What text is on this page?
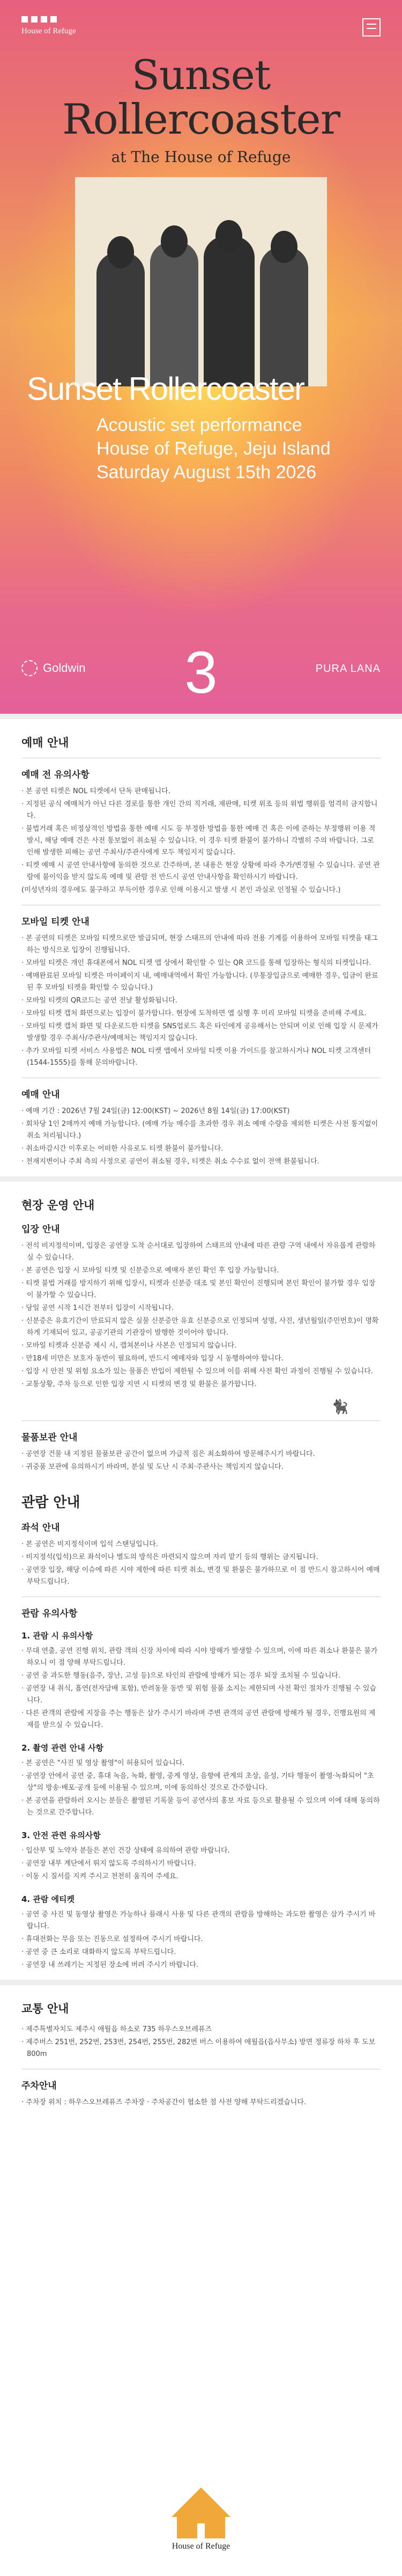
House of Refuge
Sunset
Rollercoaster
at The House of Refuge
Sunset Rollercoaster
Acoustic set performance
House of Refuge, Jeju Island
Saturday August 15th 2026
Goldwin	3	PURA LANA
예매 안내
예매 전 유의사항
· 본 공연 티켓은 NOL 티켓에서 단독 판매됩니다.
· 지정된 공식 예매처가 아닌 다른 경로를 통한 개인 간의 직거래, 재판매, 티켓 위조 등의 위법 행위를 엄격히 금지합니다.
· 불법거래 혹은 비정상적인 방법을 통한 예매 시도 등 부정한 방법을 통한 예매 건 혹은 이에 준하는 부정행위 이용 적발시, 해당 예매 건은 사전 통보없이 취소될 수 있습니다. 이 경우 티켓 환불이 불가하니 각별히 주의 바랍니다. 그로 인해 발생한 피해는 공연 주최사/주관사에게 모두 책임지지 않습니다.
· 티켓 예매 시 공연 안내사항에 동의한 것으로 간주하며, 본 내용은 현장 상황에 따라 추가/변경될 수 있습니다. 공연 관람에 불이익을 받지 않도록 예매 및 관람 전 반드시 공연 안내사항을 확인하시기 바랍니다.
(미성년자의 경우에도 불구하고 부득이한 경우로 인해 이용시고 발생 시 본인 과실로 인정될 수 있습니다.)
모바일 티켓 안내
· 본 공연의 티켓은 모바일 티켓으로만 발급되며, 현장 스태프의 안내에 따라 전용 기계를 이용하여 모바일 티켓을 태그하는 방식으로 입장이 진행됩니다.
· 모바일 티켓은 개인 휴대폰에서 NOL 티켓 앱 상에서 확인할 수 있는 QR 코드를 통해 입장하는 형식의 티켓입니다.
· 예매완료된 모바일 티켓은 마이페이지 내, 예매내역에서 확인 가능합니다. (무통장입금으로 예매한 경우, 입금이 완료된 후 모바일 티켓을 확인할 수 있습니다.)
· 모바일 티켓의 QR코드는 공연 전날 활성화됩니다.
· 모바일 티켓 캡처 화면으로는 입장이 불가합니다. 현장에 도착하면 앱 실행 후 미리 모바일 티켓을 준비해 주세요.
· 모바일 티켓 캡처 화면 및 다운로드한 티켓을 SNS업로드 혹은 타인에게 공유해서는 안되며 이로 인해 입장 시 문제가 발생할 경우 주최사/주관사/예매처는 책임지지 않습니다.
· 추가 모바일 티켓 서비스 사용법은 NOL 티켓 앱에서 모바일 티켓 이용 가이드를 참고하시거나 NOL 티켓 고객센터(1544-1555)를 통해 문의바랍니다.
예매 안내
· 예매 기간 : 2026년 7월 24일(금) 12:00(KST) ~ 2026년 8월 14일(금) 17:00(KST)
· 회차당 1인 2매까지 예매 가능합니다. (예매 가능 매수를 초과한 경우 취소 예매 수량을 제외한 티켓은 사전 통지없이 취소 처리됩니다.)
· 취소마감시간 이후로는 어떠한 사유로도 티켓 환불이 불가합니다.
· 천재지변이나 주최 측의 사정으로 공연이 취소될 경우, 티켓은 취소 수수료 없이 전액 환불됩니다.
현장 운영 안내
입장 안내
· 전석 비지정석이며, 입장은 공연장 도착 순서대로 입장하여 스태프의 안내에 따른 관람 구역 내에서 자유롭게 관람하실 수 있습니다.
· 본 공연은 입장 시 모바일 티켓 및 신분증으로 예매자 본인 확인 후 입장 가능합니다.
· 티켓 불법 거래를 방지하기 위해 입장시, 티켓과 신분증 대조 및 본인 확인이 진행되며 본인 확인이 불가할 경우 입장이 불가할 수 있습니다.
· 당일 공연 시작 1시간 전부터 입장이 시작됩니다.
· 신분증은 유효기간이 만료되지 않은 실물 신분증만 유효 신분증으로 인정되며 성명, 사진, 생년월일(주민번호)이 명확하게 기재되어 있고, 공공기관의 기관장이 발행한 것이어야 합니다.
· 모바일 티켓과 신분증 제시 시, 캡쳐본이나 사본은 인정되지 않습니다.
· 만18세 미만은 보호자 동반이 필요하며, 반드시 예매자와 입장 시 동행하여야 합니다.
· 입장 시 안전 및 위험 요소가 있는 물품은 반입이 제한될 수 있으며 이를 위해 사전 확인 과정이 진행될 수 있습니다.
· 교통상황, 주차 등으로 인한 입장 지연 시 티켓의 변경 및 환불은 불가합니다.
🐈‍⬛
물품보관 안내
· 공연장 건물 내 지정된 물품보관 공간이 없으며 가급적 짐은 최소화하여 방문해주시기 바랍니다.
· 귀중품 보관에 유의하시기 바라며, 분실 및 도난 시 주최·주관사는 책임지지 않습니다.
관람 안내
좌석 안내
· 본 공연은 비지정석이며 입석 스탠딩입니다.
· 비지정석(입석)으로 좌석이나 별도의 방석은 마련되지 않으며 자리 맡기 등의 행위는 금지됩니다.
· 공연장 입장, 해당 이슈에 따른 시야 제한에 따른 티켓 취소, 변경 및 환불은 불가하므로 이 점 반드시 참고하시어 예매 부탁드립니다.
관람 유의사항
1. 관람 시 유의사항
· 무대 연출, 공연 진행 위치, 관람 객의 신장 차이에 따라 시야 방해가 발생할 수 있으며, 이에 따른 취소나 환불은 불가하오니 이 점 양해 부탁드립니다.
· 공연 중 과도한 행동(음주, 장난, 고성 등)으로 타인의 관람에 방해가 되는 경우 퇴장 조치될 수 있습니다.
· 공연장 내 취식, 흡연(전자담배 포함), 반려동물 동반 및 위험 물품 소지는 제한되며 사전 확인 절차가 진행될 수 있습니다.
· 다른 관객의 관람에 지장을 주는 행동은 삼가 주시기 바라며 주변 관객의 공연 관람에 방해가 될 경우, 진행요원의 제재를 받으실 수 있습니다.
2. 촬영 관련 안내 사항
· 본 공연은 "사진 및 영상 촬영"이 허용되어 있습니다.
· 공연장 안에서 공연 중, 휴대 녹음, 녹화, 촬영, 중계 영상, 음향에 관계의 초상, 음성, 기타 행동이 촬영·녹화되어 "초상"의 방송·배포·공개 등에 이용될 수 있으며, 이에 동의하신 것으로 간주합니다.
· 본 공연을 관람하러 오시는 분들은 촬영된 기록물 등이 공연사의 홍보 자료 등으로 활용될 수 있으며 이에 대해 동의하는 것으로 간주합니다.
3. 안전 관련 유의사항
· 입산부 및 노약자 분들은 본인 건강 상태에 유의하여 관람 바랍니다.
· 공연장 내부 계단에서 뛰지 않도록 주의하시기 바랍니다.
· 이동 시 질서를 지켜 주시고 천천히 움직여 주세요.
4. 관람 에티켓
· 공연 중 사진 및 동영상 촬영은 가능하나 플래시 사용 및 다른 관객의 관람을 방해하는 과도한 촬영은 삼가 주시기 바랍니다.
· 휴대전화는 무음 또는 진동으로 설정하여 주시기 바랍니다.
· 공연 중 큰 소리로 대화하지 않도록 부탁드립니다.
· 공연장 내 쓰레기는 지정된 장소에 버려 주시기 바랍니다.
교통 안내
· 제주특별자치도 제주시 애월읍 하소로 735 하우스오브레퓨즈
· 제주버스 251번, 252번, 253번, 254번, 255번, 282번 버스 이용하여 애월읍(읍사무소) 방면 정류장 하차 후 도보 800m
주차안내
· 주차장 위치 : 하우스오브레퓨즈 주차장 · 주차공간이 협소한 점 사전 양해 부탁드리겠습니다.
House of Refuge
